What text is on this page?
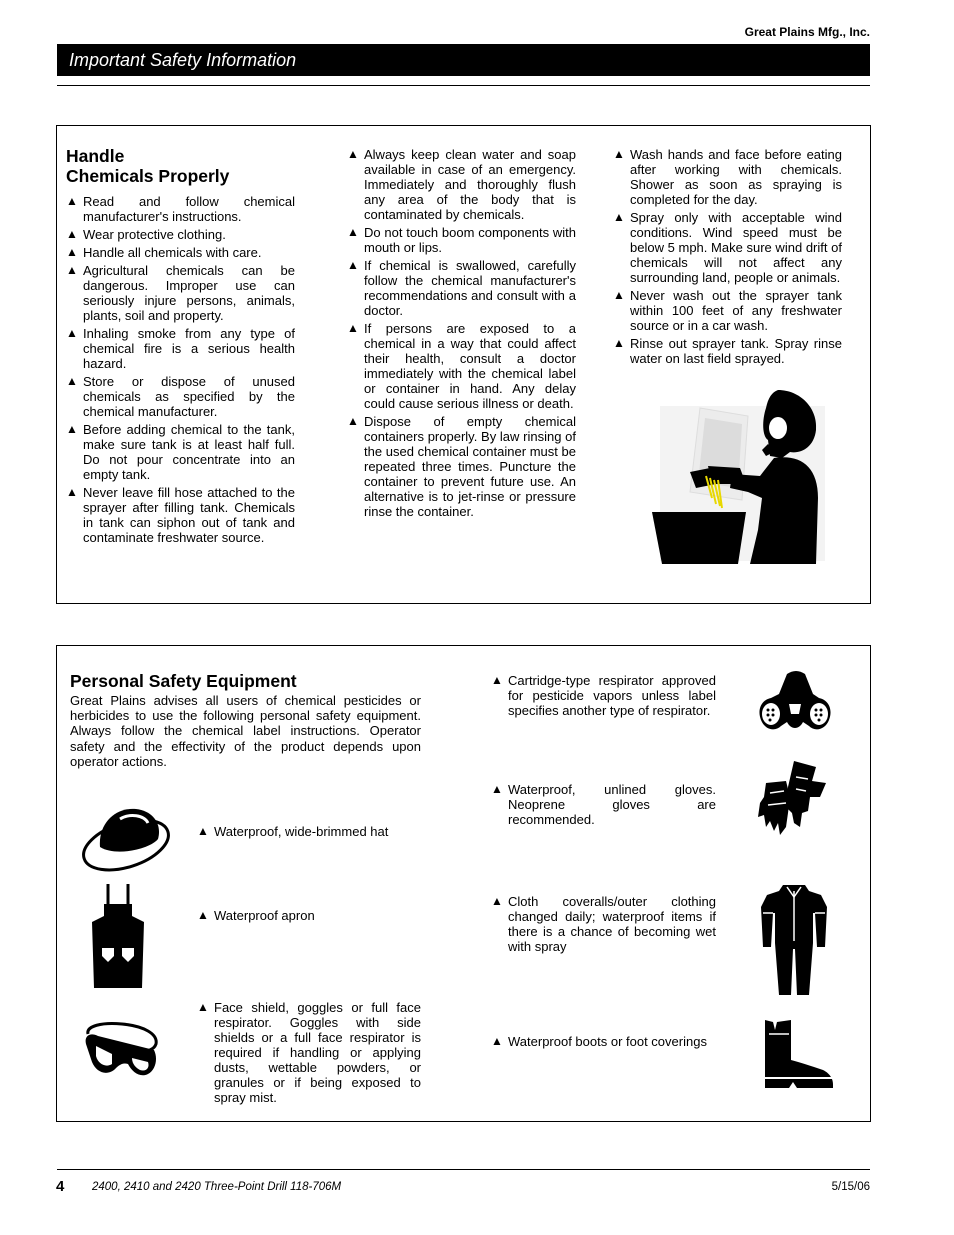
Great Plains Mfg., Inc.
Important Safety Information
Handle
Chemicals Properly
▲ Read and follow chemical manufacturer's instructions.
▲ Wear protective clothing.
▲ Handle all chemicals with care.
▲ Agricultural chemicals can be dangerous. Improper use can seriously injure persons, animals, plants, soil and property.
▲ Inhaling smoke from any type of chemical fire is a serious health hazard.
▲ Store or dispose of unused chemicals as specified by the chemical manufacturer.
▲ Before adding chemical to the tank, make sure tank is at least half full. Do not pour concentrate into an empty tank.
▲ Never leave fill hose attached to the sprayer after filling tank. Chemicals in tank can siphon out of tank and contaminate freshwater source.
▲ Always keep clean water and soap available in case of an emergency. Immediately and thoroughly flush any area of the body that is contaminated by chemicals.
▲ Do not touch boom components with mouth or lips.
▲ If chemical is swallowed, carefully follow the chemical manufacturer's recommendations and consult with a doctor.
▲ If persons are exposed to a chemical in a way that could affect their health, consult a doctor immediately with the chemical label or container in hand. Any delay could cause serious illness or death.
▲ Dispose of empty chemical containers properly. By law rinsing of the used chemical container must be repeated three times. Puncture the container to prevent future use. An alternative is to jet-rinse or pressure rinse the container.
▲ Wash hands and face before eating after working with chemicals. Shower as soon as spraying is completed for the day.
▲ Spray only with acceptable wind conditions. Wind speed must be below 5 mph. Make sure wind drift of chemicals will not affect any surrounding land, people or animals.
▲ Never wash out the sprayer tank within 100 feet of any freshwater source or in a car wash.
▲ Rinse out sprayer tank. Spray rinse water on last field sprayed.
Personal Safety Equipment
Great Plains advises all users of chemical pesticides or herbicides to use the following personal safety equipment. Always follow the chemical label instructions. Operator safety and the effectivity of the product depends upon operator actions.
▲ Waterproof, wide-brimmed hat
▲ Waterproof apron
▲ Face shield, goggles or full face respirator. Goggles with side shields or a full face respirator is required if handling or applying dusts, wettable powders, or granules or if being exposed to spray mist.
▲ Cartridge-type respirator approved for pesticide vapors unless label specifies another type of respirator.
▲ Waterproof, unlined gloves. Neoprene gloves are recommended.
▲ Cloth coveralls/outer clothing changed daily; waterproof items if there is a chance of becoming wet with spray
▲ Waterproof boots or foot coverings
4 2400, 2410 and 2420 Three-Point Drill 118-706M	5/15/06
